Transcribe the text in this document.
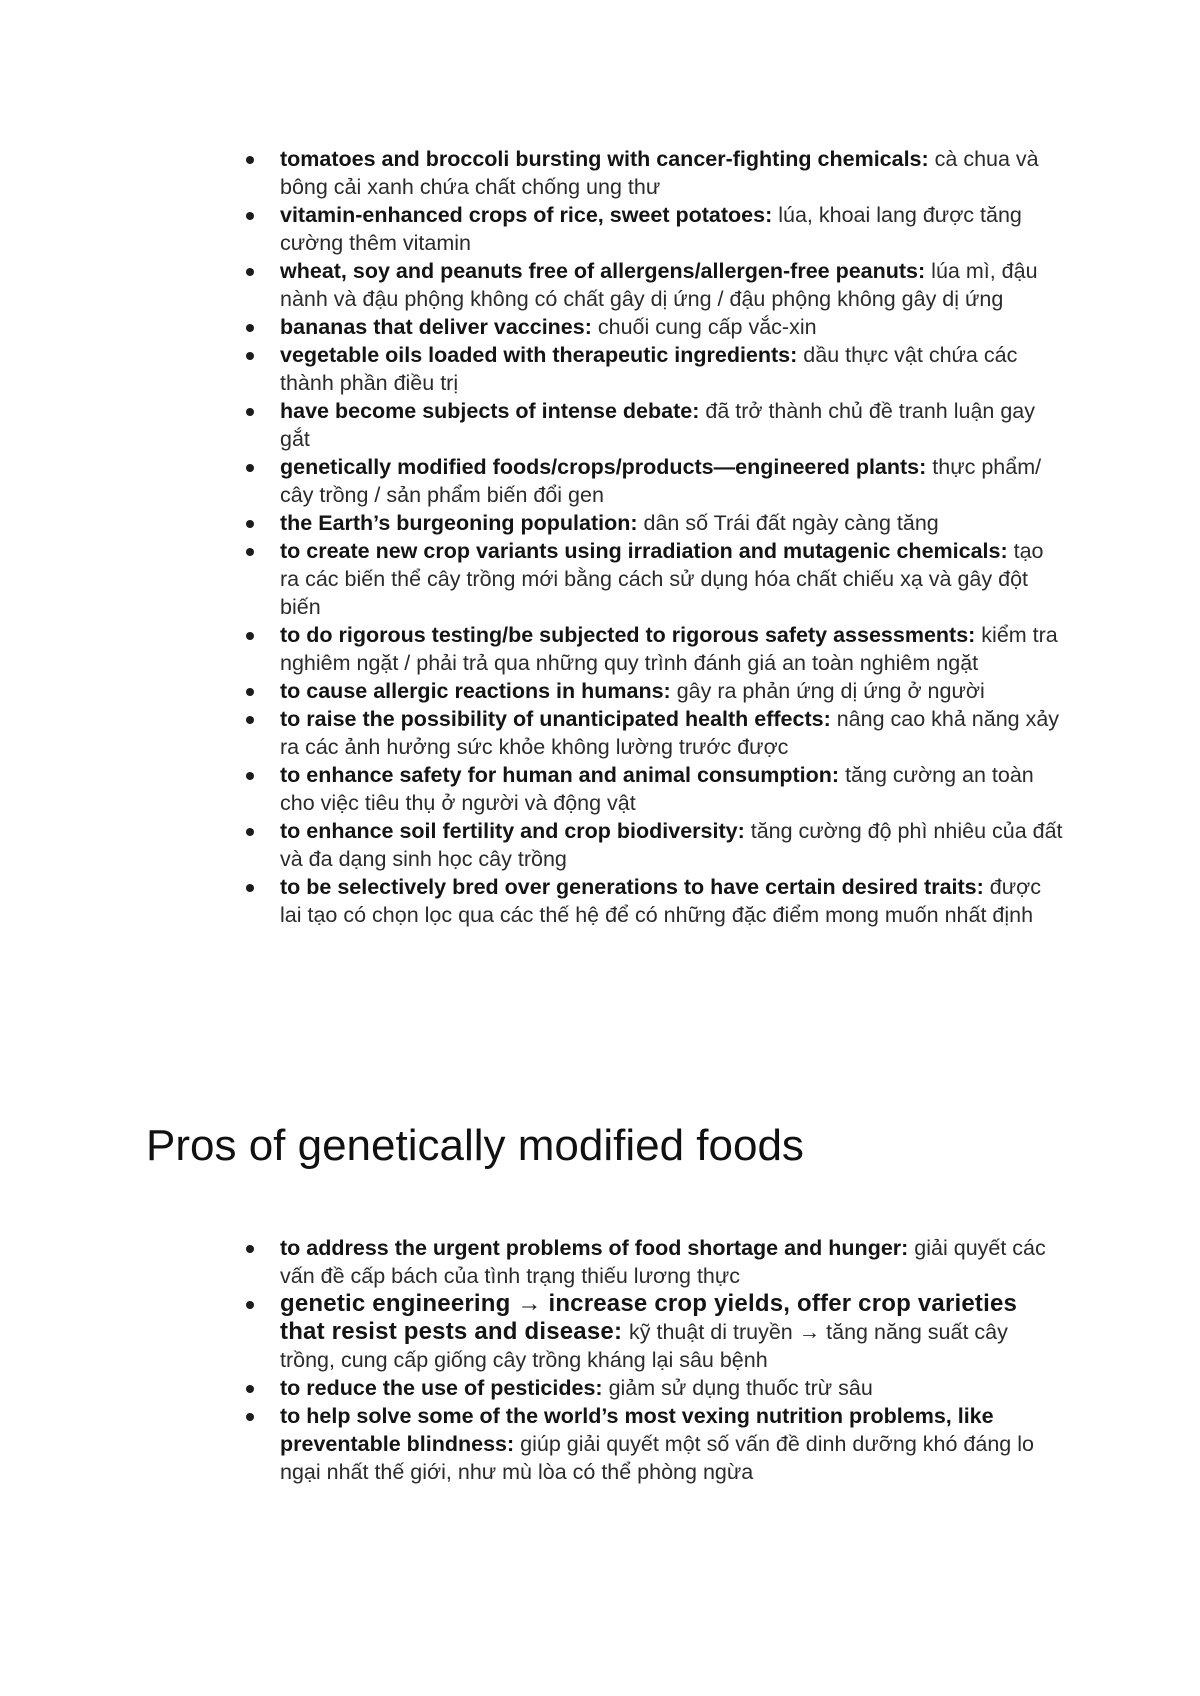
tomatoes and broccoli bursting with cancer-fighting chemicals: cà chua và bông cải xanh chứa chất chống ung thư
vitamin-enhanced crops of rice, sweet potatoes: lúa, khoai lang được tăng cường thêm vitamin
wheat, soy and peanuts free of allergens/allergen-free peanuts: lúa mì, đậu nành và đậu phộng không có chất gây dị ứng / đậu phộng không gây dị ứng
bananas that deliver vaccines: chuối cung cấp vắc-xin
vegetable oils loaded with therapeutic ingredients: dầu thực vật chứa các thành phần điều trị
have become subjects of intense debate: đã trở thành chủ đề tranh luận gay gắt
genetically modified foods/crops/products—engineered plants: thực phẩm/ cây trồng / sản phẩm biến đổi gen
the Earth’s burgeoning population: dân số Trái đất ngày càng tăng
to create new crop variants using irradiation and mutagenic chemicals: tạo ra các biến thể cây trồng mới bằng cách sử dụng hóa chất chiếu xạ và gây đột biến
to do rigorous testing/be subjected to rigorous safety assessments: kiểm tra nghiêm ngặt / phải trả qua những quy trình đánh giá an toàn nghiêm ngặt
to cause allergic reactions in humans: gây ra phản ứng dị ứng ở người
to raise the possibility of unanticipated health effects: nâng cao khả năng xảy ra các ảnh hưởng sức khỏe không lường trước được
to enhance safety for human and animal consumption: tăng cường an toàn cho việc tiêu thụ ở người và động vật
to enhance soil fertility and crop biodiversity: tăng cường độ phì nhiêu của đất và đa dạng sinh học cây trồng
to be selectively bred over generations to have certain desired traits: được lai tạo có chọn lọc qua các thế hệ để có những đặc điểm mong muốn nhất định
Pros of genetically modified foods
to address the urgent problems of food shortage and hunger: giải quyết các vấn đề cấp bách của tình trạng thiếu lương thực
genetic engineering → increase crop yields, offer crop varieties that resist pests and disease: kỹ thuật di truyền → tăng năng suất cây trồng, cung cấp giống cây trồng kháng lại sâu bệnh
to reduce the use of pesticides: giảm sử dụng thuốc trừ sâu
to help solve some of the world’s most vexing nutrition problems, like preventable blindness: giúp giải quyết một số vấn đề dinh dưỡng khó đáng lo ngại nhất thế giới, như mù lòa có thể phòng ngừa
